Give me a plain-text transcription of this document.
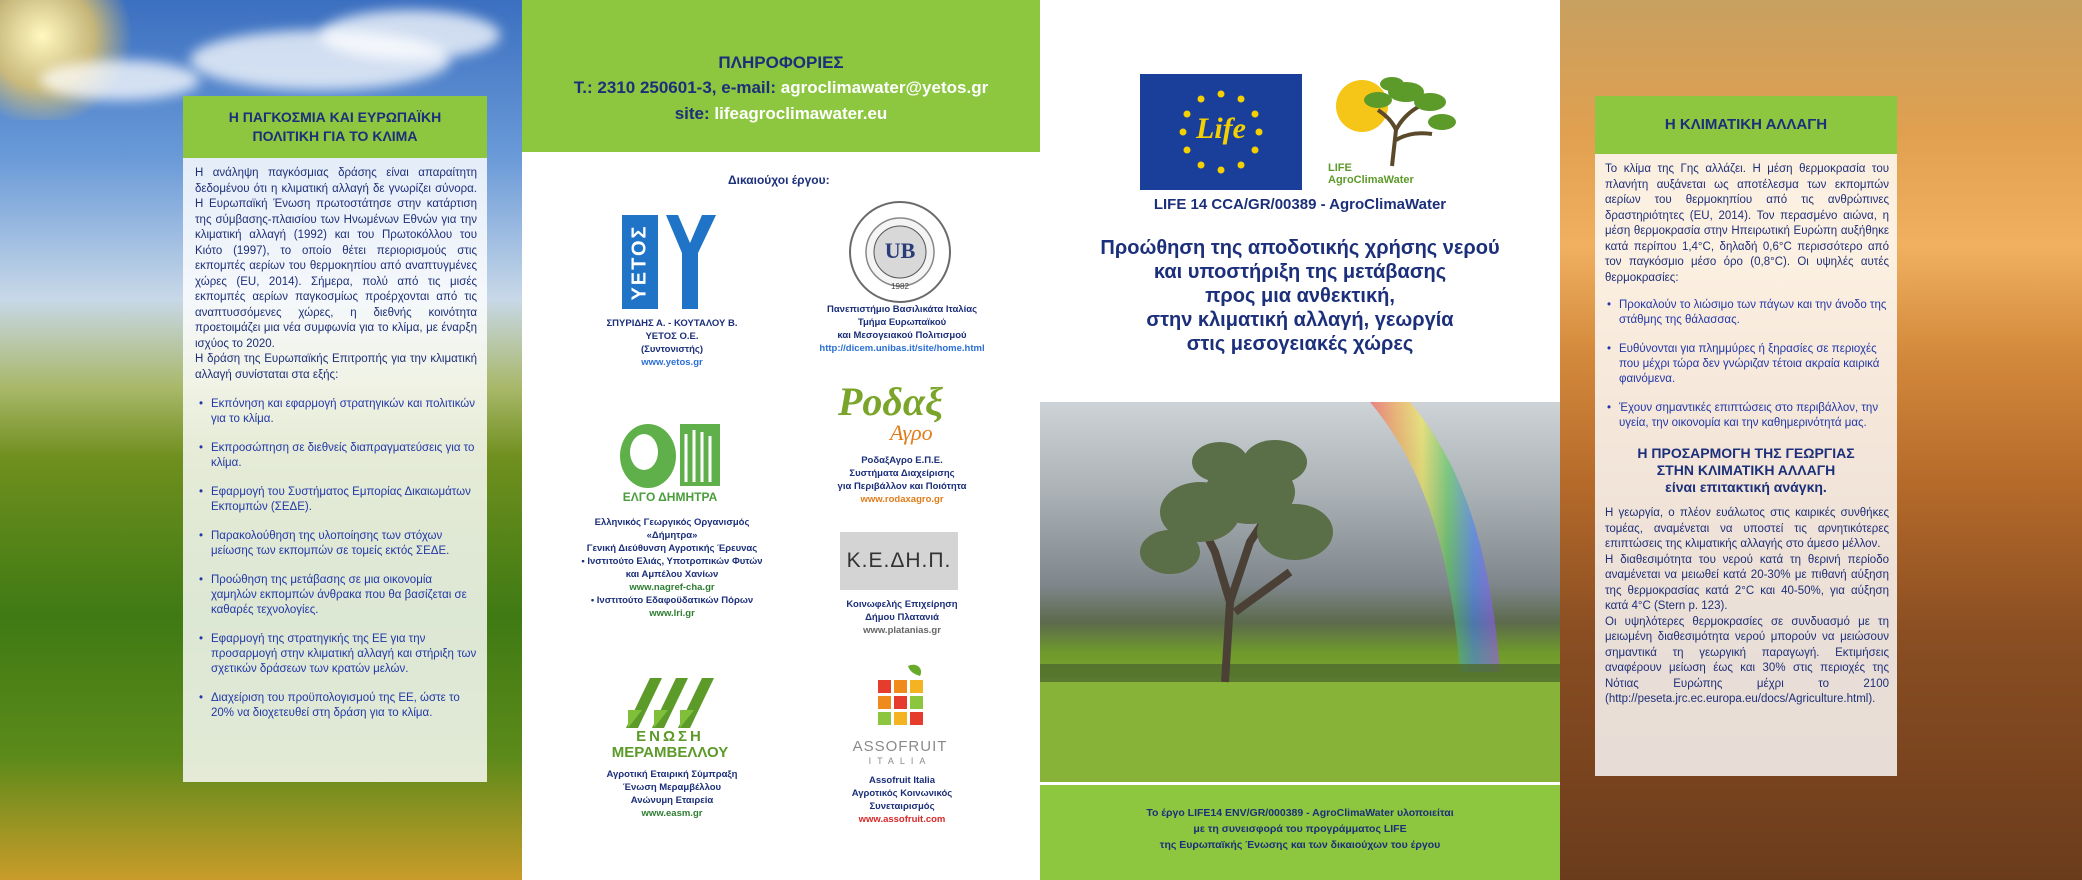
Η ΠΑΓΚΟΣΜΙΑ ΚΑΙ ΕΥΡΩΠΑΪΚΗ
ΠΟΛΙΤΙΚΗ ΓΙΑ ΤΟ ΚΛΙΜΑ

Η ανάληψη παγκόσμιας δράσης είναι απαραίτητη δεδομένου ότι η κλιματική αλλαγή δε γνωρίζει σύνορα. Η Ευρωπαϊκή Ένωση πρωτοστάτησε στην κατάρτιση της σύμβασης-πλαισίου των Ηνωμένων Εθνών για την κλιματική αλλαγή (1992) και του Πρωτοκόλλου του Κιότο (1997), το οποίο θέτει περιορισμούς στις εκπομπές αερίων του θερμοκηπίου από αναπτυγμένες χώρες (EU, 2014). Σήμερα, πολύ από τις μισές εκπομπές αερίων παγκοσμίως προέρχονται από τις αναπτυσσόμενες χώρες, η διεθνής κοινότητα προετοιμάζει μια νέα συμφωνία για το κλίμα, με έναρξη ισχύος το 2020.

Η δράση της Ευρωπαϊκής Επιτροπής για την κλιματική αλλαγή συνίσταται στα εξής:

• Εκπόνηση και εφαρμογή στρατηγικών και πολιτικών για το κλίμα.

• Εκπροσώπηση σε διεθνείς διαπραγματεύσεις για το κλίμα.

• Εφαρμογή του Συστήματος Εμπορίας Δικαιωμάτων Εκπομπών (ΣΕΔΕ).

• Παρακολούθηση της υλοποίησης των στόχων μείωσης των εκπομπών σε τομείς εκτός ΣΕΔΕ.

• Προώθηση της μετάβασης σε μια οικονομία χαμηλών εκπομπών άνθρακα που θα βασίζεται σε καθαρές τεχνολογίες.

• Εφαρμογή της στρατηγικής της ΕΕ για την προσαρμογή στην κλιματική αλλαγή και στήριξη των σχετικών δράσεων των κρατών μελών.

• Διαχείριση του προϋπολογισμού της ΕΕ, ώστε το 20% να διοχετευθεί στη δράση για το κλίμα.

ΠΛΗΡΟΦΟΡΙΕΣ
Τ.: 2310 250601-3, e-mail: agroclimawater@yetos.gr
site: lifeagroclimawater.eu
Δικαιούχοι έργου:
ΥΕΤΟΣ
ΣΠΥΡΙΔΗΣ Α. - ΚΟΥΤΑΛΟΥ Β.
ΥΕΤΟΣ Ο.Ε.
(Συντονιστής)
www.yetos.gr
UB
1982
Πανεπιστήμιο Βασιλικάτα Ιταλίας
Τμήμα Ευρωπαϊκού
και Μεσογειακού Πολιτισμού
http://dicem.unibas.it/site/home.html
ΕΛΓΟ ΔΗΜΗΤΡΑ
Ελληνικός Γεωργικός Οργανισμός
«Δήμητρα»
Γενική Διεύθυνση Αγροτικής Έρευνας
• Ινστιτούτο Ελιάς, Υποτροπικών Φυτών
και Αμπέλου Χανίων
www.nagref-cha.gr
• Ινστιτούτο Εδαφοϋδατικών Πόρων
www.lri.gr
Ροδαξ
Αγρο
ΡοδαξΑγρο Ε.Π.Ε.
Συστήματα Διαχείρισης
για Περιβάλλον και Ποιότητα
www.rodaxagro.gr
Κ.Ε.ΔΗ.Π.
Κοινωφελής Επιχείρηση
Δήμου Πλατανιά
www.platanias.gr
ΕΝΩΣΗ
ΜΕΡΑΜΒΕΛΛΟΥ
Αγροτική Εταιρική Σύμπραξη
Ένωση Μεραμβέλλου
Ανώνυμη Εταιρεία
www.easm.gr
ASSOFRUIT
ITALIA
Assofruit Italia
Αγροτικός Κοινωνικός
Συνεταιρισμός
www.assofruit.com
Life
LIFE
AgroClimaWater
LIFE 14 CCA/GR/00389 - AgroClimaWater
Προώθηση της αποδοτικής χρήσης νερού
και υποστήριξη της μετάβασης
προς μια ανθεκτική,
στην κλιματική αλλαγή, γεωργία
στις μεσογειακές χώρες
Το έργο LIFE14 ENV/GR/000389 - AgroClimaWater υλοποιείται
με τη συνεισφορά του προγράμματος LIFE
της Ευρωπαϊκής Ένωσης και των δικαιούχων του έργου
Η ΚΛΙΜΑΤΙΚΗ ΑΛΛΑΓΗ

Το κλίμα της Γης αλλάζει. Η μέση θερμοκρασία του πλανήτη αυξάνεται ως αποτέλεσμα των εκπομπών αερίων του θερμοκηπίου από τις ανθρώπινες δραστηριότητες (EU, 2014). Τον περασμένο αιώνα, η μέση θερμοκρασία στην Ηπειρωτική Ευρώπη αυξήθηκε κατά περίπου 1,4°C, δηλαδή 0,6°C περισσότερο από τον παγκόσμιο μέσο όρο (0,8°C). Οι υψηλές αυτές θερμοκρασίες:

• Προκαλούν το λιώσιμο των πάγων και την άνοδο της στάθμης της θάλασσας.

• Ευθύνονται για πλημμύρες ή ξηρασίες σε περιοχές που μέχρι τώρα δεν γνώριζαν τέτοια ακραία καιρικά φαινόμενα.

• Έχουν σημαντικές επιπτώσεις στο περιβάλλον, την υγεία, την οικονομία και την καθημερινότητά μας.

Η ΠΡΟΣΑΡΜΟΓΗ ΤΗΣ ΓΕΩΡΓΙΑΣ
ΣΤΗΝ ΚΛΙΜΑΤΙΚΗ ΑΛΛΑΓΗ
είναι επιτακτική ανάγκη.

Η γεωργία, ο πλέον ευάλωτος στις καιρικές συνθήκες τομέας, αναμένεται να υποστεί τις αρνητικότερες επιπτώσεις της κλιματικής αλλαγής στο άμεσο μέλλον.

Η διαθεσιμότητα του νερού κατά τη θερινή περίοδο αναμένεται να μειωθεί κατά 20-30% με πιθανή αύξηση της θερμοκρασίας κατά 2°C και 40-50%, για αύξηση κατά 4°C (Stern p. 123).

Οι υψηλότερες θερμοκρασίες σε συνδυασμό με τη μειωμένη διαθεσιμότητα νερού μπορούν να μειώσουν σημαντικά τη γεωργική παραγωγή. Εκτιμήσεις αναφέρουν μείωση έως και 30% στις περιοχές της Νότιας Ευρώπης μέχρι το 2100 (http://peseta.jrc.ec.europa.eu/docs/Agriculture.html).
